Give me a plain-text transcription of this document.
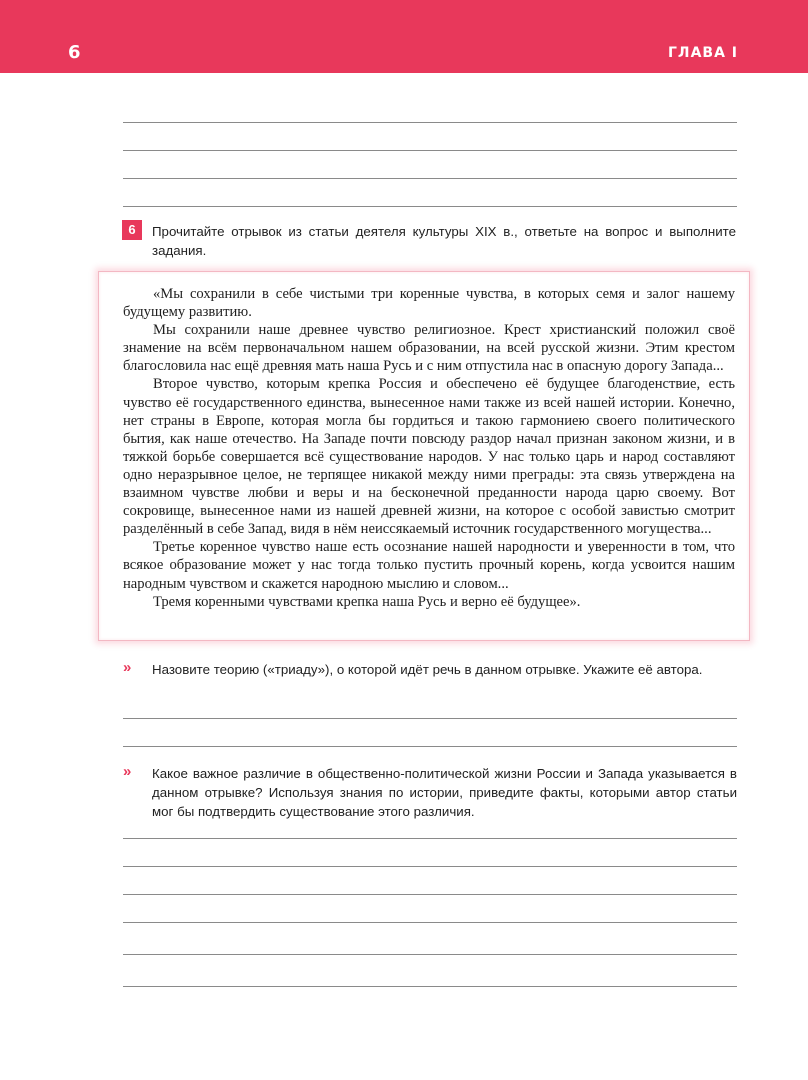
6	ГЛАВА I
6	Прочитайте отрывок из статьи деятеля культуры XIX в., ответьте на вопрос и выполните задания.

«Мы сохранили в себе чистыми три коренные чувства, в которых семя и залог нашему будущему развитию.

Мы сохранили наше древнее чувство религиозное. Крест христианский положил своё знамение на всём первоначальном нашем образовании, на всей русской жизни. Этим крестом благословила нас ещё древняя мать наша Русь и с ним отпустила нас в опасную дорогу Запада...

Второе чувство, которым крепка Россия и обеспечено её будущее благоденствие, есть чувство её государственного единства, вынесенное нами также из всей нашей истории. Конечно, нет страны в Европе, которая могла бы гордиться и такою гармониею своего политического бытия, как наше отечество. На Западе почти повсюду раздор начал признан законом жизни, и в тяжкой борьбе совершается всё существование народов. У нас только царь и народ составляют одно неразрывное целое, не терпящее никакой между ними преграды: эта связь утверждена на взаимном чувстве любви и веры и на бесконечной преданности народа царю своему. Вот сокровище, вынесенное нами из нашей древней жизни, на которое с особой завистью смотрит разделённый в себе Запад, видя в нём неиссякаемый источник государственного могущества...

Третье коренное чувство наше есть осознание нашей народности и уверенности в том, что всякое образование может у нас тогда только пустить прочный корень, когда усвоится нашим народным чувством и скажется народною мыслию и словом...

Тремя коренными чувствами крепка наша Русь и верно её будущее».

» Назовите теорию («триаду»), о которой идёт речь в данном отрывке. Укажите её автора.
» Какое важное различие в общественно-политической жизни России и Запада указывается в данном отрывке? Используя знания по истории, приведите факты, которыми автор статьи мог бы подтвердить существование этого различия.
